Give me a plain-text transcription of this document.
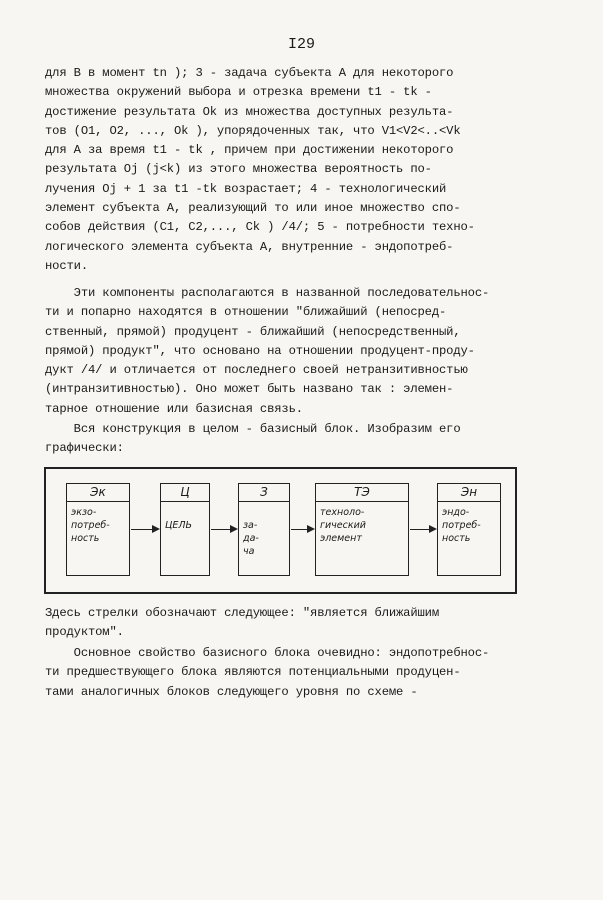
I29
для В в момент tn ); 3 - задача субъекта А для некоторого
множества окружений выбора и отрезка времени t1 - tk -
достижение результата Ok из множества доступных результа-
тов (O1, O2, ..., Ok ), упорядоченных так, что V1<V2<..<Vk
для А за время t1 - tk , причем при достижении некоторого
результата Oj (j<k) из этого множества вероятность по-
лучения Oj + 1 за t1 -tk возрастает; 4 - технологический
элемент субъекта А, реализующий то или иное множество спо-
собов действия (C1, C2,..., Ck ) /4/; 5 - потребности техно-
логического элемента субъекта А, внутренние - эндопотреб-
ности.
Эти компоненты располагаются в названной последовательнос-
ти и попарно находятся в отношении "ближайший (непосред-
ственный, прямой) продуцент - ближайший (непосредственный,
прямой) продукт", что основано на отношении продуцент-проду-
дукт /4/ и отличается от последнего своей нетранзитивностью
(интранзитивностью). Оно может быть названо так : элемен-
тарное отношение или базисная связь.
Вся конструкция в целом - базисный блок. Изобразим его
графически:
Эк
экзо-
потреб-
ность
Ц

ЦЕЛЬ
З

за-
да-
ча
ТЭ
техноло-
гический
элемент
Эн
эндо-
потреб-
ность
Здесь стрелки обозначают следующее: "является ближайшим
продуктом".
Основное свойство базисного блока очевидно: эндопотребнос-
ти предшествующего блока являются потенциальными продуцен-
тами аналогичных блоков следующего уровня по схеме -
